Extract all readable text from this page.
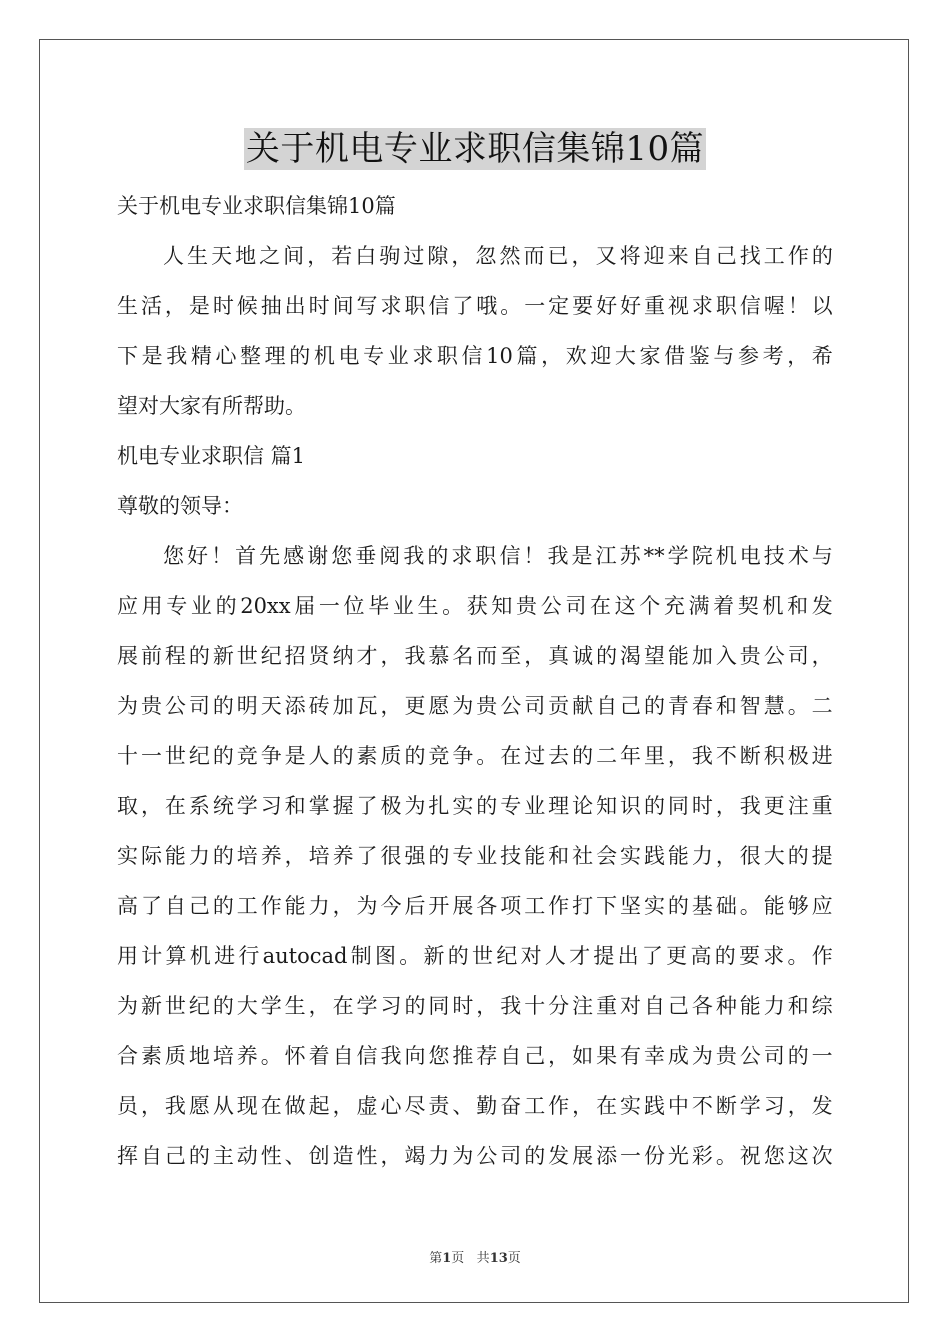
关于机电专业求职信集锦10篇
关于机电专业求职信集锦10篇
人 生 天 地 之 间 ， 若 白 驹 过 隙 ， 忽 然 而 已 ， 又 将 迎 来 自 己 找 工 作 的
生 活 ， 是 时 候 抽 出 时 间 写 求 职 信 了 哦 。 一 定 要 好 好 重 视 求 职 信 喔 ！ 以
下 是 我 精 心 整 理 的 机 电 专 业 求 职 信 10 篇 ， 欢 迎 大 家 借 鉴 与 参 考 ， 希
望对大家有所帮助。
机电专业求职信 篇1
尊敬的领导：
您 好 ！ 首 先 感 谢 您 垂 阅 我 的 求 职 信 ！ 我 是 江 苏 ** 学 院 机 电 技 术 与
应 用 专 业 的 20xx 届 一 位 毕 业 生 。 获 知 贵 公 司 在 这 个 充 满 着 契 机 和 发
展 前 程 的 新 世 纪 招 贤 纳 才 ， 我 慕 名 而 至 ， 真 诚 的 渴 望 能 加 入 贵 公 司 ，
为 贵 公 司 的 明 天 添 砖 加 瓦 ， 更 愿 为 贵 公 司 贡 献 自 己 的 青 春 和 智 慧 。 二
十 一 世 纪 的 竞 争 是 人 的 素 质 的 竞 争 。 在 过 去 的 二 年 里 ， 我 不 断 积 极 进
取 ， 在 系 统 学 习 和 掌 握 了 极 为 扎 实 的 专 业 理 论 知 识 的 同 时 ， 我 更 注 重
实 际 能 力 的 培 养 ， 培 养 了 很 强 的 专 业 技 能 和 社 会 实 践 能 力 ， 很 大 的 提
高 了 自 己 的 工 作 能 力 ， 为 今 后 开 展 各 项 工 作 打 下 坚 实 的 基 础 。 能 够 应
用 计 算 机 进 行 autocad 制 图 。 新 的 世 纪 对 人 才 提 出 了 更 高 的 要 求 。 作
为 新 世 纪 的 大 学 生 ， 在 学 习 的 同 时 ， 我 十 分 注 重 对 自 己 各 种 能 力 和 综
合 素 质 地 培 养 。 怀 着 自 信 我 向 您 推 荐 自 己 ， 如 果 有 幸 成 为 贵 公 司 的 一
员 ， 我 愿 从 现 在 做 起 ， 虚 心 尽 责 、 勤 奋 工 作 ， 在 实 践 中 不 断 学 习 ， 发
挥 自 己 的 主 动 性 、 创 造 性 ， 竭 力 为 公 司 的 发 展 添 一 份 光 彩 。 祝 您 这 次
第1页 共13页
